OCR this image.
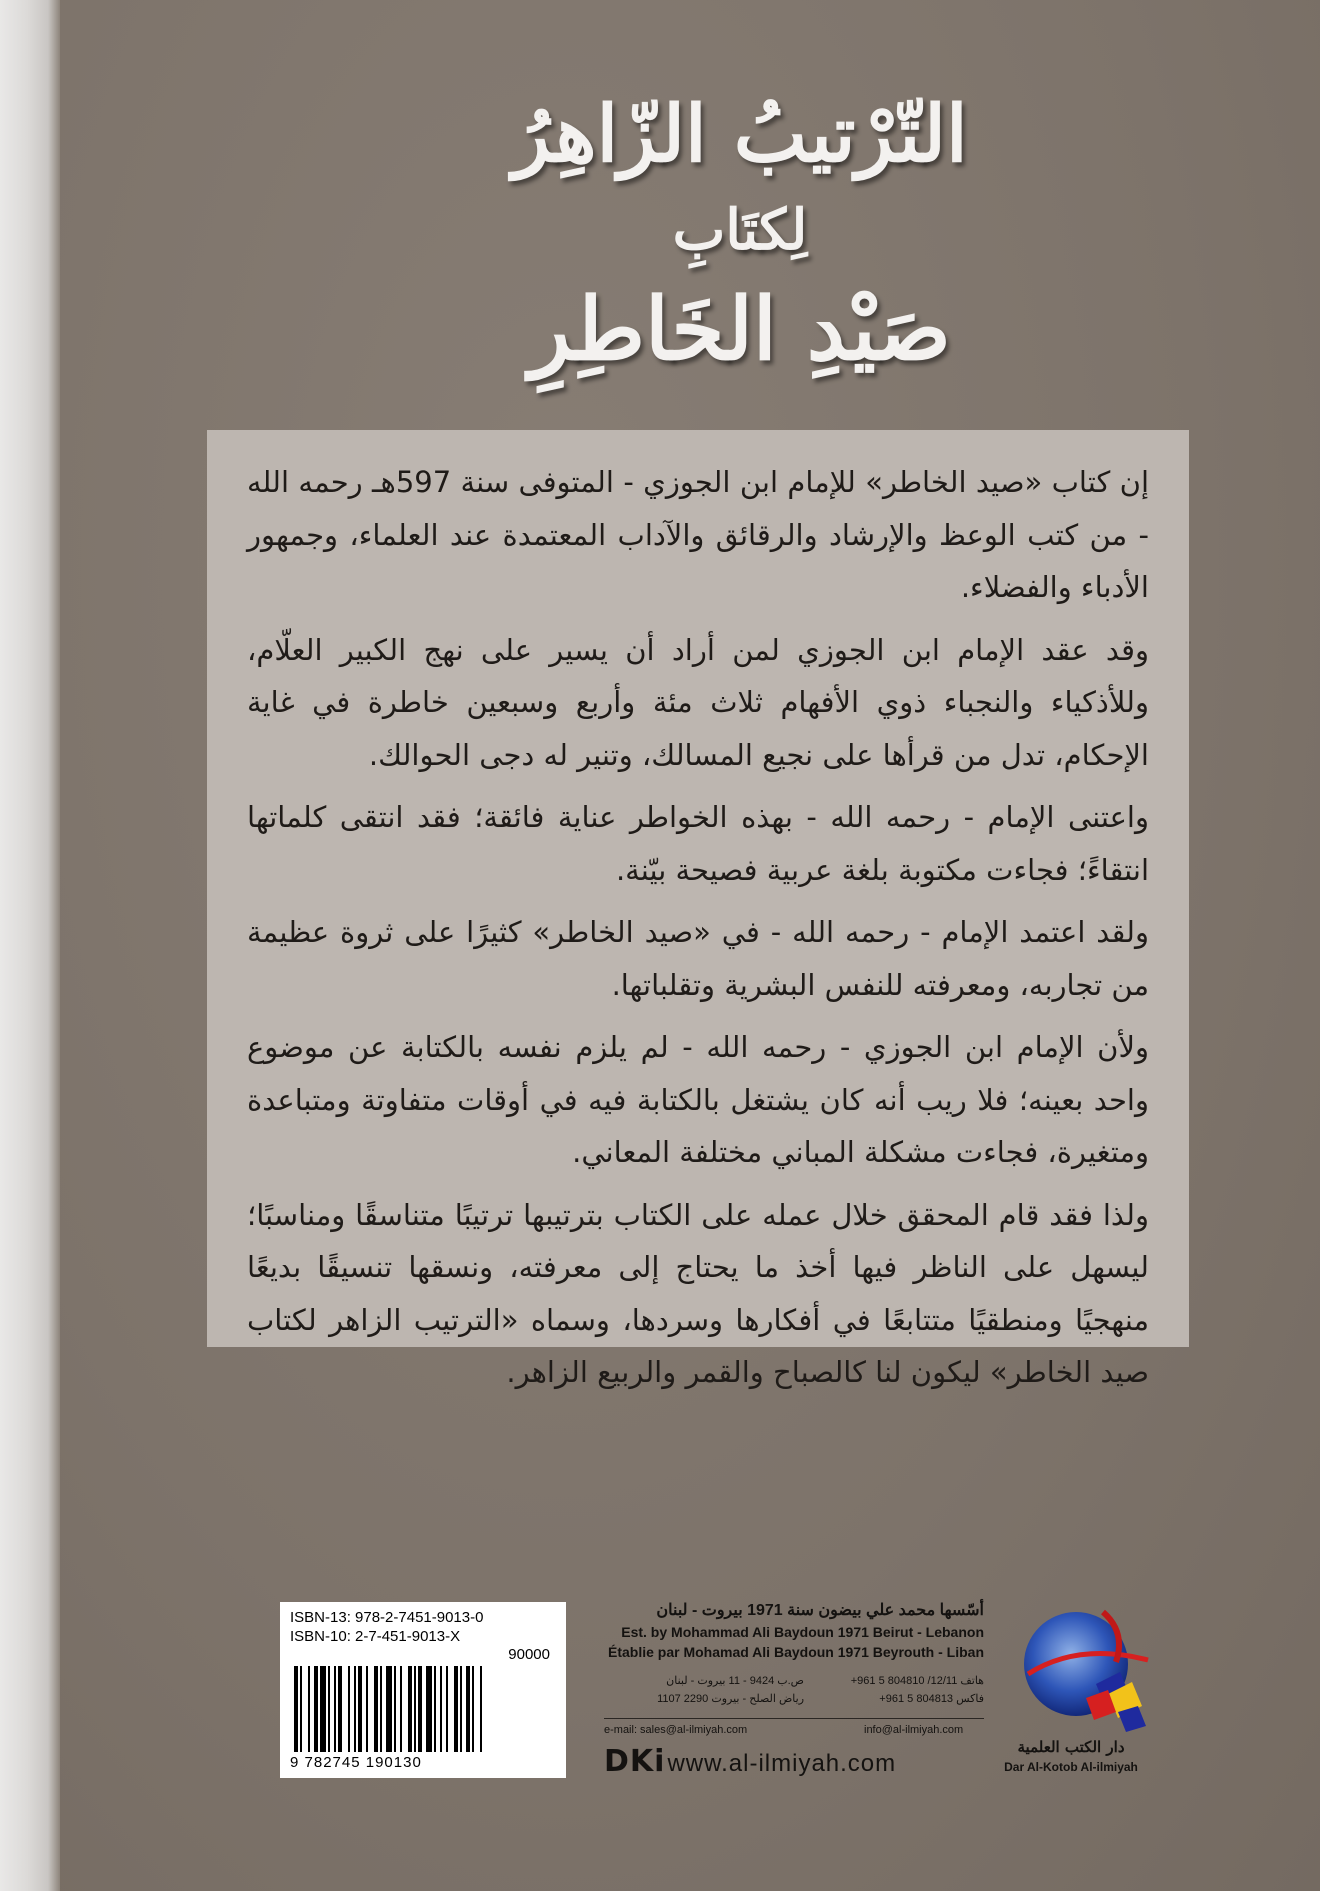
التّرْتيبُ الزّاهِرُ
لِكتَابِ
صَيْدِ الخَاطِرِ

إن كتاب «صيد الخاطر» للإمام ابن الجوزي - المتوفى سنة 597هـ رحمه الله - من كتب الوعظ والإرشاد والرقائق والآداب المعتمدة عند العلماء، وجمهور الأدباء والفضلاء.

وقد عقد الإمام ابن الجوزي لمن أراد أن يسير على نهج الكبير العلّام، وللأذكياء والنجباء ذوي الأفهام ثلاث مئة وأربع وسبعين خاطرة في غاية الإحكام، تدل من قرأها على نجيع المسالك، وتنير له دجى الحوالك.

واعتنى الإمام - رحمه الله - بهذه الخواطر عناية فائقة؛ فقد انتقى كلماتها انتقاءً؛ فجاءت مكتوبة بلغة عربية فصيحة بيّنة.

ولقد اعتمد الإمام - رحمه الله - في «صيد الخاطر» كثيرًا على ثروة عظيمة من تجاربه، ومعرفته للنفس البشرية وتقلباتها.

ولأن الإمام ابن الجوزي - رحمه الله - لم يلزم نفسه بالكتابة عن موضوع واحد بعينه؛ فلا ريب أنه كان يشتغل بالكتابة فيه في أوقات متفاوتة ومتباعدة ومتغيرة، فجاءت مشكلة المباني مختلفة المعاني.

ولذا فقد قام المحقق خلال عمله على الكتاب بترتيبها ترتيبًا متناسقًا ومناسبًا؛ ليسهل على الناظر فيها أخذ ما يحتاج إلى معرفته، ونسقها تنسيقًا بديعًا منهجيًا ومنطقيًا متتابعًا في أفكارها وسردها، وسماه «الترتيب الزاهر لكتاب صيد الخاطر» ليكون لنا كالصباح والقمر والربيع الزاهر.

ISBN-13: 978-2-7451-9013-0
ISBN-10: 2-7-451-9013-X
90000
9 782745 190130
أسّسها محمد علي بيضون سنة 1971 بيروت - لبنان
Est. by Mohammad Ali Baydoun 1971 Beirut - Lebanon
Établie par Mohamad Ali Baydoun 1971 Beyrouth - Liban
هاتف 12/11/ 804810 5 961+
فاكس 804813 5 961+
ص.ب 9424 - 11 بيروت - لبنان
رياض الصلح - بيروت 2290 1107
e-mail: sales@al-ilmiyah.com	info@al-ilmiyah.com
DKiwww.al-ilmiyah.com
دار الكتب العلمية
Dar Al-Kotob Al-ilmiyah
